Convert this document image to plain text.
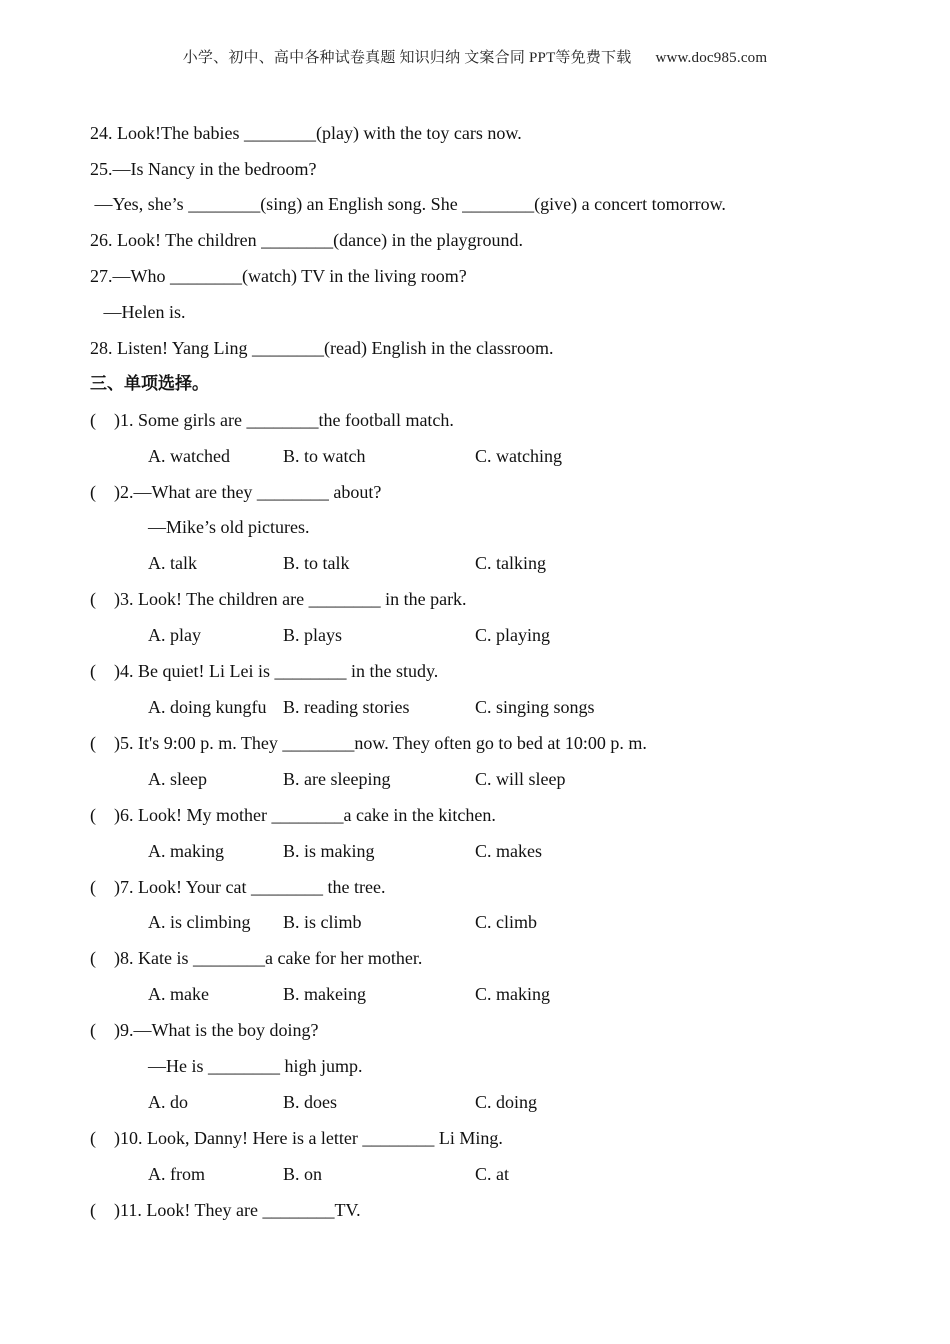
小学、初中、高中各种试卷真题 知识归纳 文案合同 PPT等免费下载 www.doc985.com
24. Look!The babies ________(play) with the toy cars now.
25.—Is Nancy in the bedroom?
—Yes, she’s ________(sing) an English song. She ________(give) a concert tomorrow.
26. Look! The children ________(dance) in the playground.
27.—Who ________(watch) TV in the living room?
—Helen is.
28. Listen! Yang Ling ________(read) English in the classroom.
三、单项选择。
(    )1. Some girls are ________the football match.
A. watched	B. to watch	C. watching
(    )2.—What are they ________ about?
—Mike’s old pictures.
A. talk	B. to talk	C. talking
(    )3. Look! The children are ________ in the park.
A. play	B. plays	C. playing
(    )4. Be quiet! Li Lei is ________ in the study.
A. doing kungfu B. reading stories	C. singing songs
(    )5. It's 9:00 p. m. They ________now. They often go to bed at 10:00 p. m.
A. sleep	B. are sleeping	C. will sleep
(    )6. Look! My mother ________a cake in the kitchen.
A. making	B. is making	C. makes
(    )7. Look! Your cat ________ the tree.
A. is climbing B. is climb	C. climb
(    )8. Kate is ________a cake for her mother.
A. make	B. makeing	C. making
(    )9.—What is the boy doing?
—He is ________ high jump.
A. do	B. does	C. doing
(    )10. Look, Danny! Here is a letter ________ Li Ming.
A. from	B. on	C. at
(    )11. Look! They are ________TV.
